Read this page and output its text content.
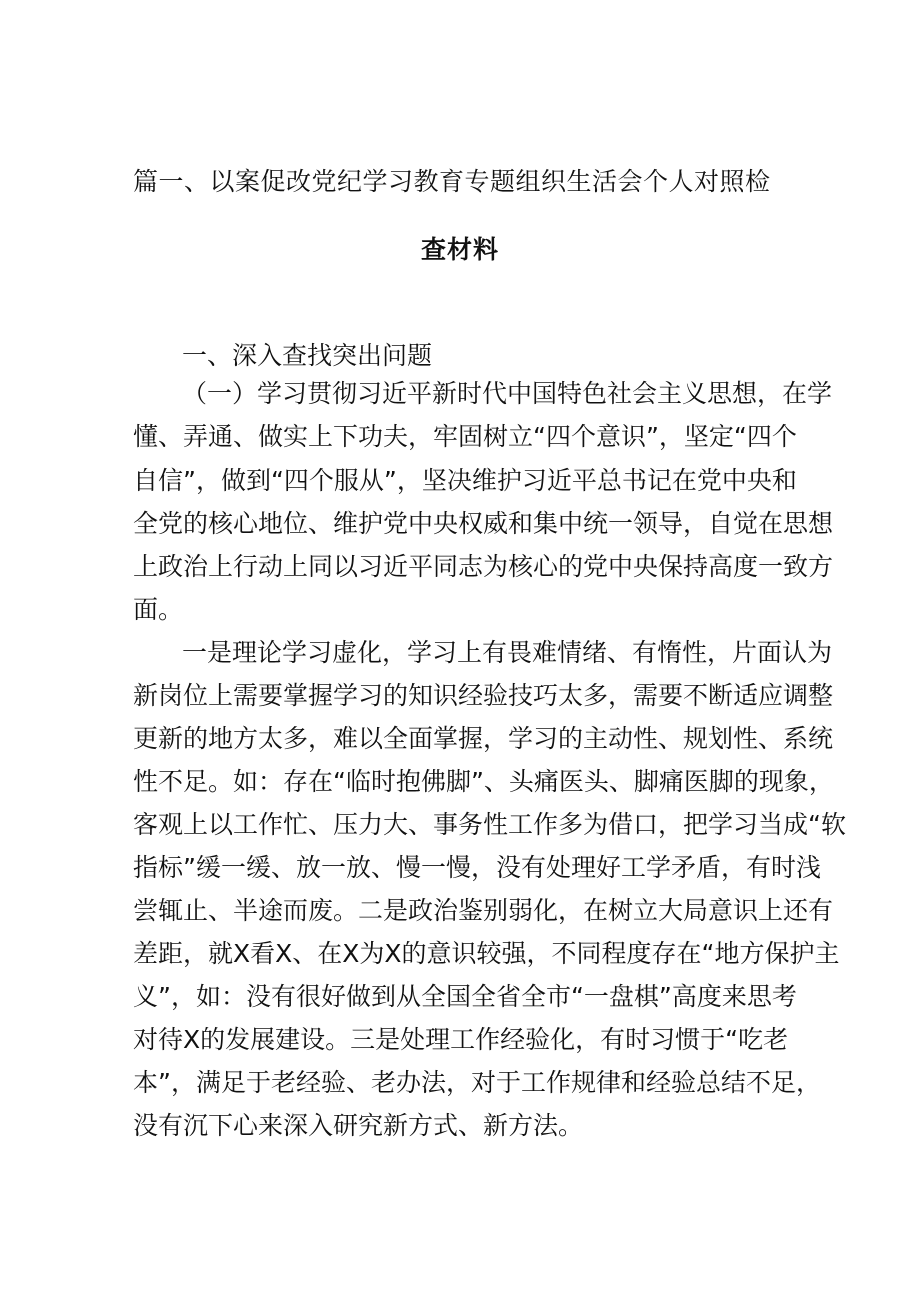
篇一、以案促改党纪学习教育专题组织生活会个人对照检
查材料
一、深入查找突出问题
（一）学习贯彻习近平新时代中国特色社会主义思想，在学
懂、弄通、做实上下功夫，牢固树立“四个意识”，坚定“四个
自信”，做到“四个服从”，坚决维护习近平总书记在党中央和
全党的核心地位、维护党中央权威和集中统一领导，自觉在思想
上政治上行动上同以习近平同志为核心的党中央保持高度一致方
面。
一是理论学习虚化，学习上有畏难情绪、有惰性，片面认为
新岗位上需要掌握学习的知识经验技巧太多，需要不断适应调整
更新的地方太多，难以全面掌握，学习的主动性、规划性、系统
性不足。如：存在“临时抱佛脚”、头痛医头、脚痛医脚的现象，
客观上以工作忙、压力大、事务性工作多为借口，把学习当成“软
指标”缓一缓、放一放、慢一慢，没有处理好工学矛盾，有时浅
尝辄止、半途而废。二是政治鉴别弱化，在树立大局意识上还有
差距，就X看X、在X为X的意识较强，不同程度存在“地方保护主
义”，如：没有很好做到从全国全省全市“一盘棋”高度来思考
对待X的发展建设。三是处理工作经验化，有时习惯于“吃老
本”，满足于老经验、老办法，对于工作规律和经验总结不足，
没有沉下心来深入研究新方式、新方法。
